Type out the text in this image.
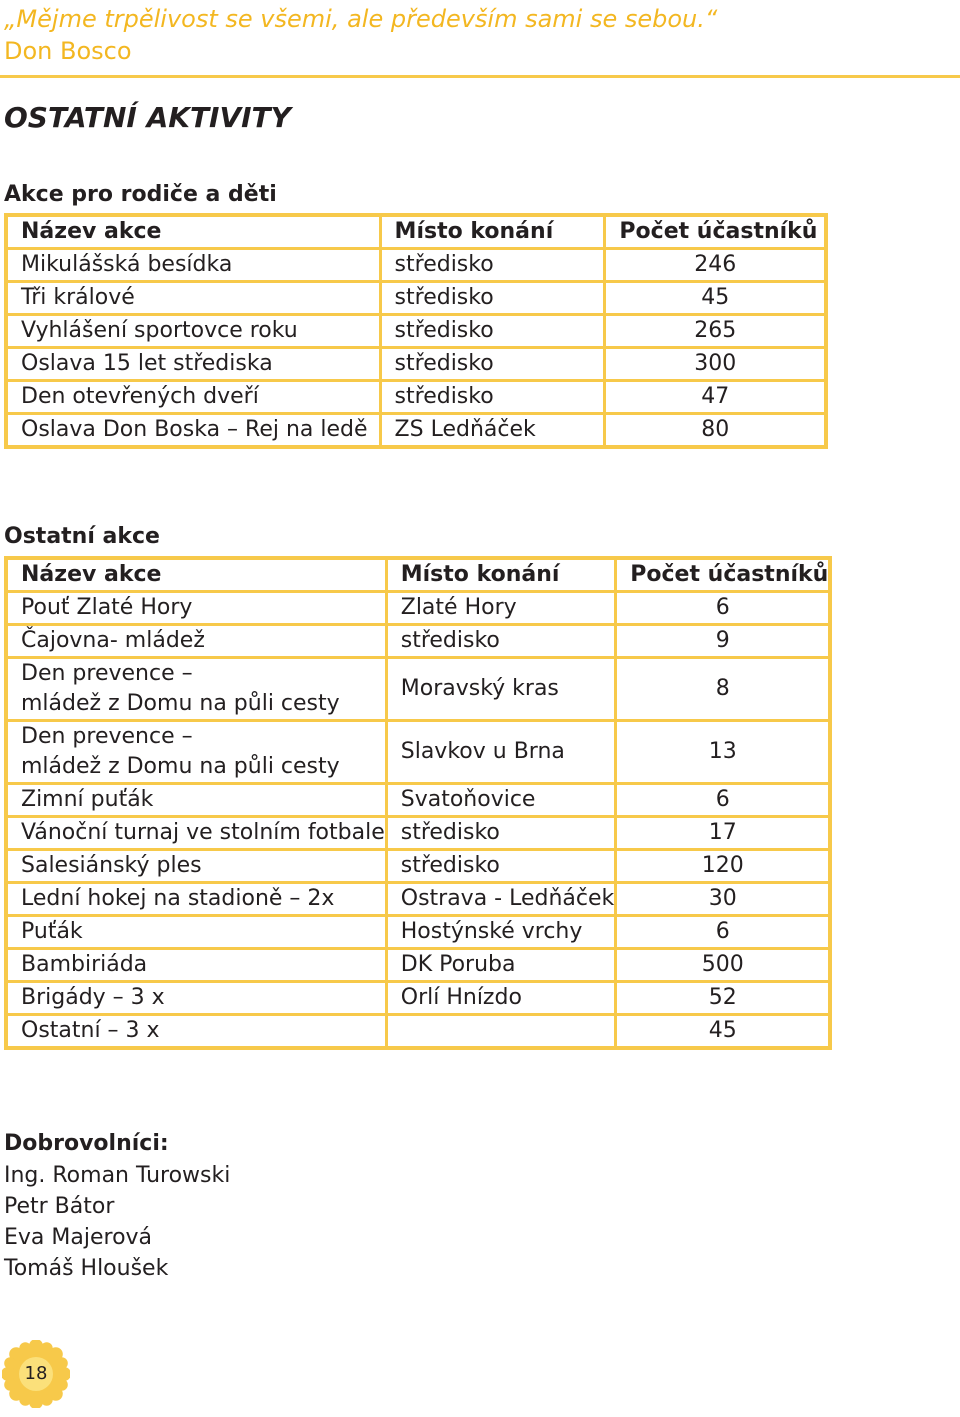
„Mějme trpělivost se všemi, ale především sami se sebou.“
Don Bosco
OSTATNÍ AKTIVITY
Akce pro rodiče a děti
Název akce	Místo konání	Počet účastníků
Mikulášská besídka	středisko	246
Tři králové	středisko	45
Vyhlášení sportovce roku	středisko	265
Oslava 15 let střediska	středisko	300
Den otevřených dveří	středisko	47
Oslava Don Boska – Rej na ledě	ZS Ledňáček	80
Ostatní akce
Název akce	Místo konání	Počet účastníků
Pouť Zlaté Hory	Zlaté Hory	6
Čajovna- mládež	středisko	9

Den prevence –
mládež z Domu na půli cesty	Moravský kras	8

Den prevence –
mládež z Domu na půli cesty	Slavkov u Brna	13
Zimní puťák	Svatoňovice	6
Vánoční turnaj ve stolním fotbale	středisko	17
Salesiánský ples	středisko	120
Lední hokej na stadioně – 2x	Ostrava - Ledňáček	30
Puťák	Hostýnské vrchy	6
Bambiriáda	DK Poruba	500
Brigády – 3 x	Orlí Hnízdo	52
Ostatní – 3 x		45
Dobrovolníci:
Ing. Roman Turowski
Petr Bátor
Eva Majerová
Tomáš Hloušek
18
